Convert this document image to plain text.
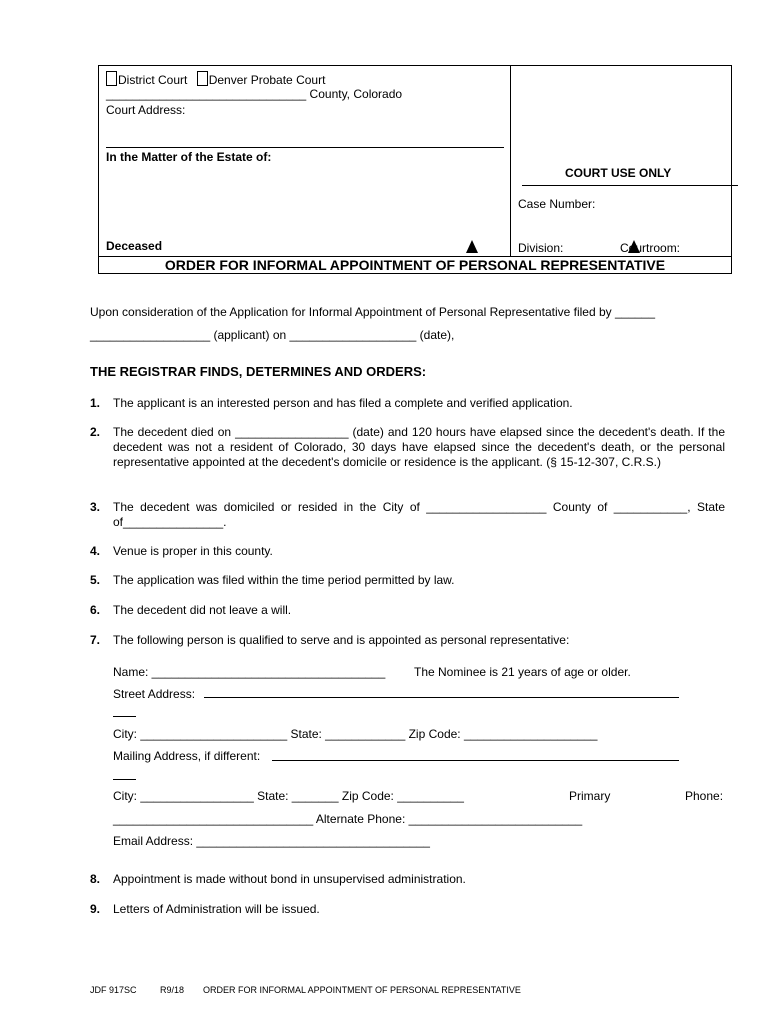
District Court Denver Probate Court
______________________________ County, Colorado
Court Address:
In the Matter of the Estate of:
Deceased
COURT USE ONLY
Case Number:
Division:	Courtroom:
ORDER FOR INFORMAL APPOINTMENT OF PERSONAL REPRESENTATIVE
Upon consideration of the Application for Informal Appointment of Personal Representative filed by ______
__________________ (applicant) on ___________________ (date),
THE REGISTRAR FINDS, DETERMINES AND ORDERS:
1. The applicant is an interested person and has filed a complete and verified application.
2. The decedent died on _________________ (date) and 120 hours have elapsed since the decedent's death. If the decedent was not a resident of Colorado, 30 days have elapsed since the decedent's death, or the personal representative appointed at the decedent's domicile or residence is the applicant. (§ 15-12-307, C.R.S.)
3. The decedent was domiciled or resided in the City of __________________ County of ___________, State of_______________.
4. Venue is proper in this county.
5. The application was filed within the time period permitted by law.
6. The decedent did not leave a will.
7. The following person is qualified to serve and is appointed as personal representative:
Name: ___________________________________ The Nominee is 21 years of age or older.
Street Address:
City: ______________________ State: ____________ Zip Code: ____________________
Mailing Address, if different:
City: _________________ State: _______ Zip Code: __________	Primary	Phone:
______________________________ Alternate Phone: __________________________
Email Address: ___________________________________
8. Appointment is made without bond in unsupervised administration.
9. Letters of Administration will be issued.
JDF 917SC	R9/18 ORDER FOR INFORMAL APPOINTMENT OF PERSONAL REPRESENTATIVE
